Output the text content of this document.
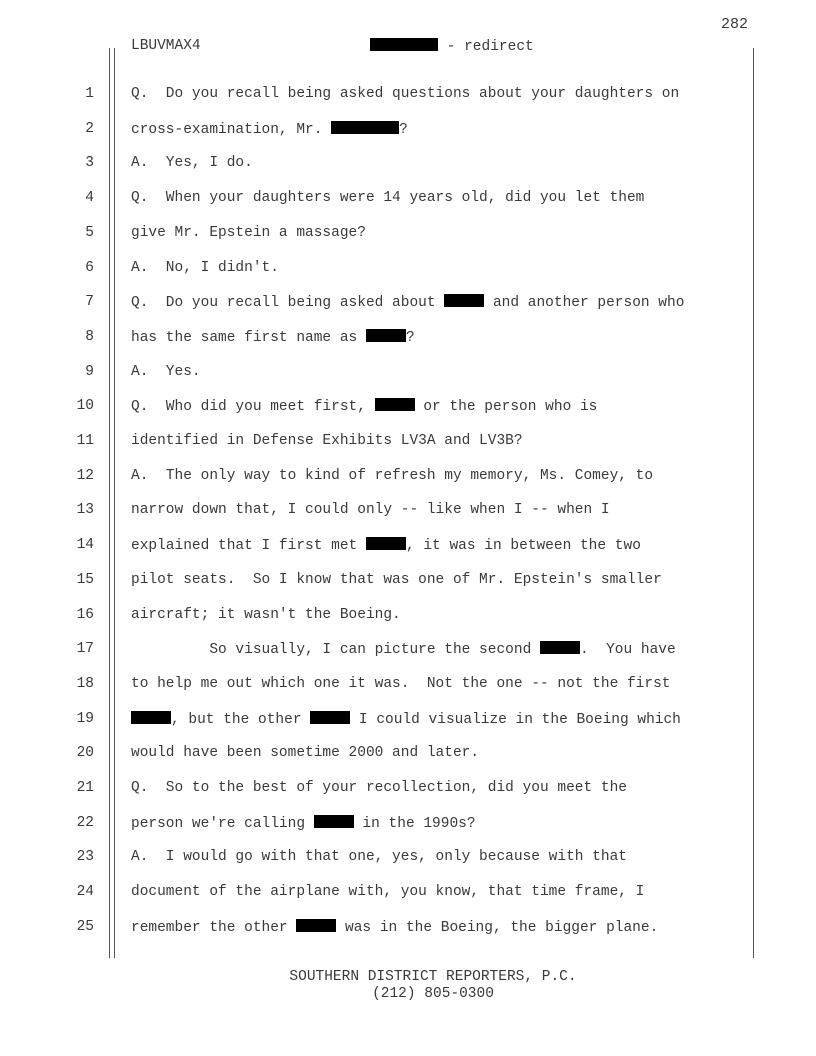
282
LBUVMAX4	- redirect
1	Q.  Do you recall being asked questions about your daughters on
2	cross-examination, Mr.	?
3	A.  Yes, I do.
4	Q.  When your daughters were 14 years old, did you let them
5	give Mr. Epstein a massage?
6	A.  No, I didn't.
7	Q.  Do you recall being asked about	and another person who
8	has the same first name as	?
9	A.  Yes.
10	Q.  Who did you meet first,	or the person who is
11	identified in Defense Exhibits LV3A and LV3B?
12	A.  The only way to kind of refresh my memory, Ms. Comey, to
13	narrow down that, I could only -- like when I -- when I
14	explained that I first met	, it was in between the two
15	pilot seats.  So I know that was one of Mr. Epstein's smaller
16	aircraft; it wasn't the Boeing.
17	So visually, I can picture the second	.  You have
18	to help me out which one it was.  Not the one -- not the first
19	, but the other	I could visualize in the Boeing which
20	would have been sometime 2000 and later.
21	Q.  So to the best of your recollection, did you meet the
22	person we're calling	in the 1990s?
23	A.  I would go with that one, yes, only because with that
24	document of the airplane with, you know, that time frame, I
25	remember the other	was in the Boeing, the bigger plane.
SOUTHERN DISTRICT REPORTERS, P.C.
(212) 805-0300
